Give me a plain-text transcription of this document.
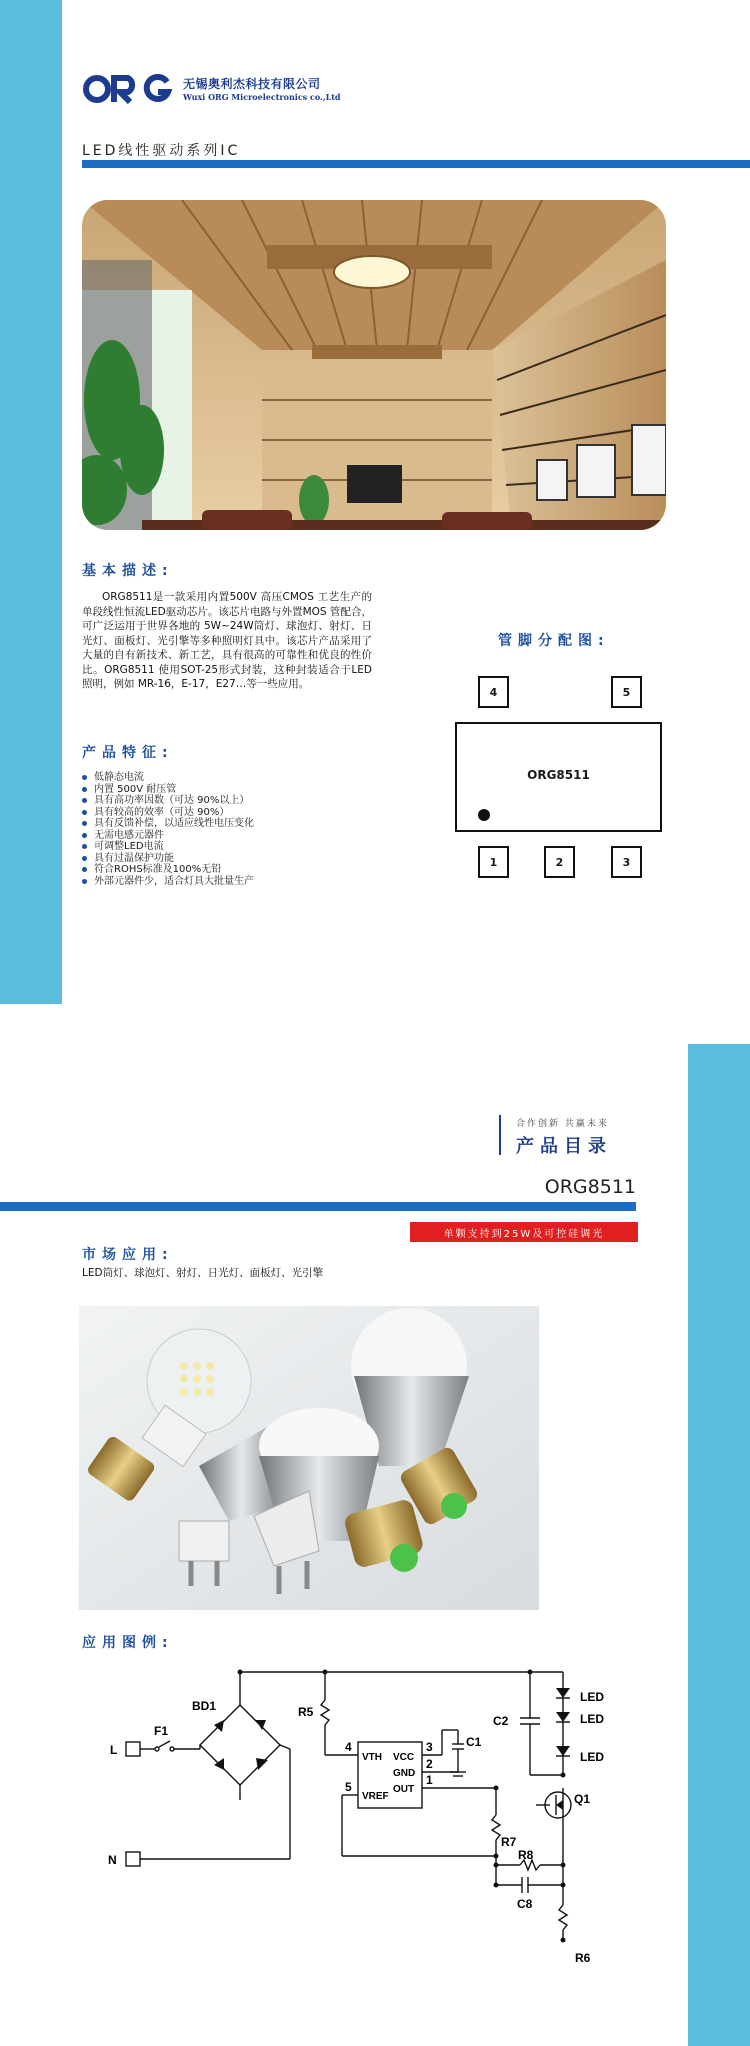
无锡奥利杰科技有限公司
Wuxi ORG Microelectronics co.,Ltd
LED线性驱动系列IC
基本描述:
ORG8511是一款采用内置500V 高压CMOS 工艺生产的单段线性恒流LED驱动芯片。该芯片电路与外置MOS 管配合，可广泛运用于世界各地的 5W~24W筒灯、球泡灯、射灯、日光灯、面板灯、光引擎等多种照明灯具中。该芯片产品采用了大量的自有新技术、新工艺，具有很高的可靠性和优良的性价比。ORG8511 使用SOT-25形式封装，这种封装适合于LED 照明，例如 MR-16，E-17，E27…等一些应用。
产品特征:
低静态电流
内置 500V 耐压管
具有高功率因数（可达 90%以上）
具有较高的效率（可达 90%）
具有反馈补偿，以适应线性电压变化
无需电感元器件
可调整LED电流
具有过温保护功能
符合ROHS标准及100%无铅
外部元器件少，适合灯具大批量生产
管脚分配图:
4	5
ORG8511
1	2	3
合作创新 共赢未来
产品目录
ORG8511
单颗支持到25W及可控硅调光
市场应用:
LED筒灯、球泡灯、射灯、日光灯、面板灯、光引擎
应用图例:
L
N
F1
BD1	R5
C2
C1
Q1
R7
R8
C8
R6
LED
LED
LED
VTH
VREF
VCC
GND
OUT
4
5
3
2
1
